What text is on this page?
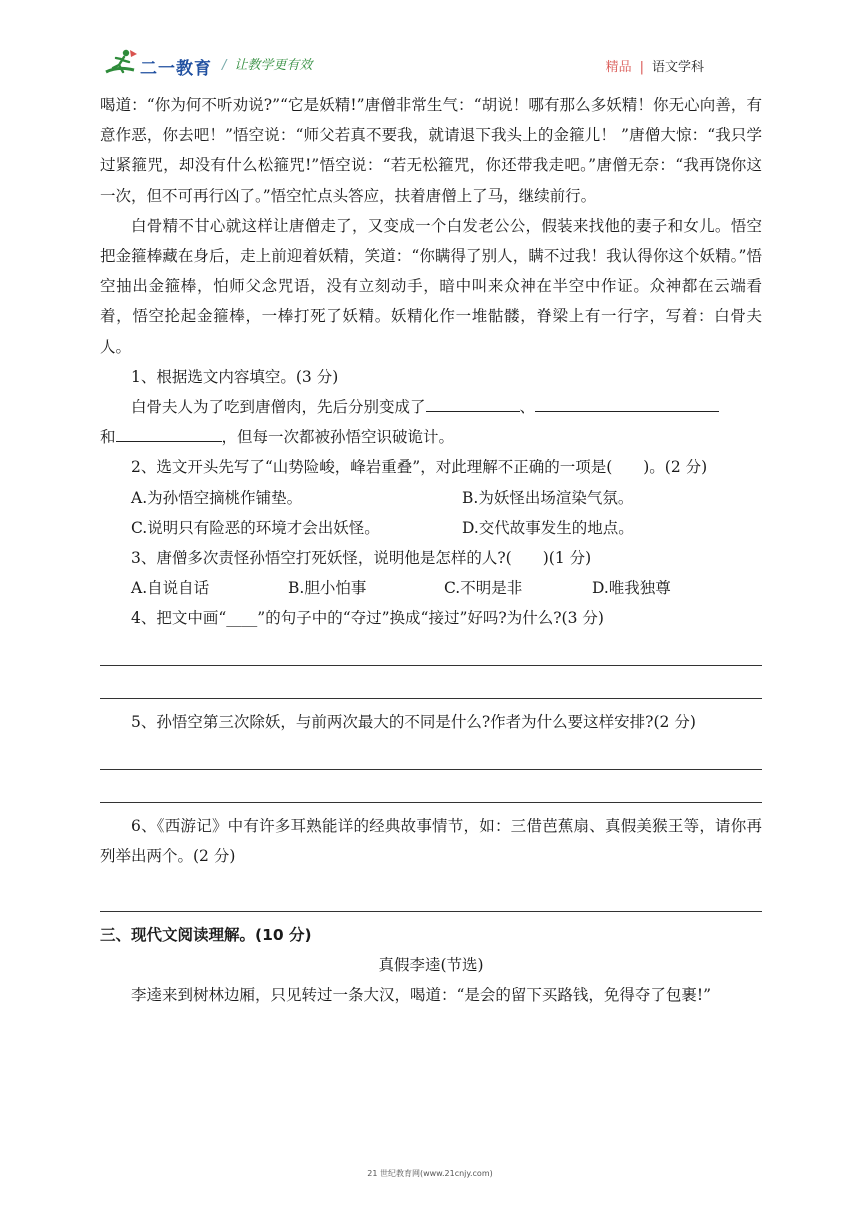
二一教育 / 让教学更有效	精品 | 语文学科

喝道：“你为何不听劝说?”“它是妖精!”唐僧非常生气：“胡说！哪有那么多妖精！你无心向善，有意作恶，你去吧！”悟空说：“师父若真不要我，就请退下我头上的金箍儿！ ”唐僧大惊：“我只学过紧箍咒，却没有什么松箍咒!”悟空说：“若无松箍咒，你还带我走吧。”唐僧无奈：“我再饶你这一次，但不可再行凶了。”悟空忙点头答应，扶着唐僧上了马，继续前行。

白骨精不甘心就这样让唐僧走了，又变成一个白发老公公，假装来找他的妻子和女儿。悟空把金箍棒藏在身后，走上前迎着妖精，笑道：“你瞒得了别人，瞒不过我！我认得你这个妖精。”悟空抽出金箍棒，怕师父念咒语，没有立刻动手，暗中叫来众神在半空中作证。众神都在云端看着，悟空抡起金箍棒，一棒打死了妖精。妖精化作一堆骷髅，脊梁上有一行字，写着：白骨夫人。

1、根据选文内容填空。(3 分)

白骨夫人为了吃到唐僧肉，先后分别变成了	、

和	，但每一次都被孙悟空识破诡计。

2、选文开头先写了“山势险峻，峰岩重叠”，对此理解不正确的一项是(　　)。(2 分)

A.为孙悟空摘桃作铺垫。	B.为妖怪出场渲染气氛。
C.说明只有险恶的环境才会出妖怪。	D.交代故事发生的地点。

3、唐僧多次责怪孙悟空打死妖怪，说明他是怎样的人?(　　)(1 分)

A.自说自话	B.胆小怕事	C.不明是非	D.唯我独尊

4、把文中画“____”的句子中的“夺过”换成“接过”好吗?为什么?(3 分)

5、孙悟空第三次除妖，与前两次最大的不同是什么?作者为什么要这样安排?(2 分)

6、《西游记》中有许多耳熟能详的经典故事情节，如：三借芭蕉扇、真假美猴王等，请你再列举出两个。(2 分)

三、现代文阅读理解。(10 分)

真假李逵(节选)

李逵来到树林边厢，只见转过一条大汉，喝道：“是会的留下买路钱，免得夺了包裹!”

21 世纪教育网(www.21cnjy.com)
